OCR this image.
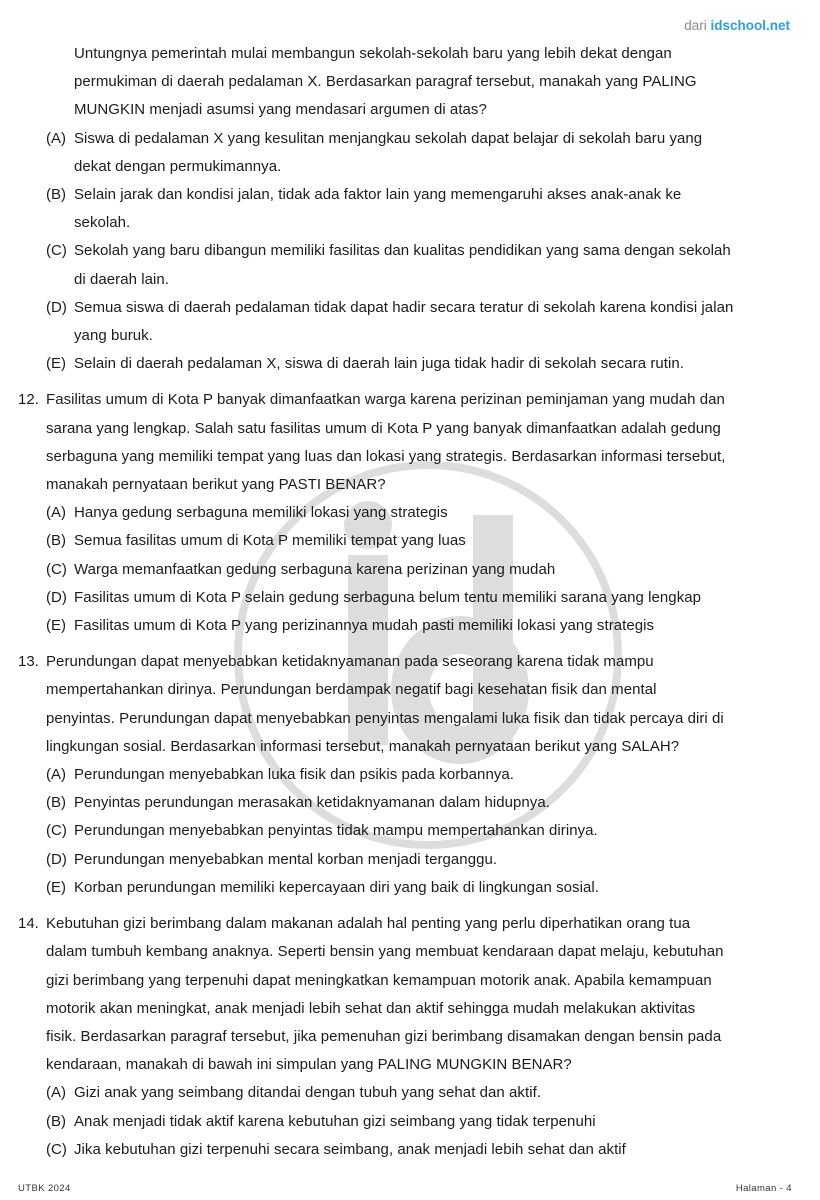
dari idschool.net
Untungnya pemerintah mulai membangun sekolah-sekolah baru yang lebih dekat dengan
permukiman di daerah pedalaman X. Berdasarkan paragraf tersebut, manakah yang PALING
MUNGKIN menjadi asumsi yang mendasari argumen di atas?
(A) Siswa di pedalaman X yang kesulitan menjangkau sekolah dapat belajar di sekolah baru yang
dekat dengan permukimannya.
(B) Selain jarak dan kondisi jalan, tidak ada faktor lain yang memengaruhi akses anak-anak ke
sekolah.
(C) Sekolah yang baru dibangun memiliki fasilitas dan kualitas pendidikan yang sama dengan sekolah
di daerah lain.
(D) Semua siswa di daerah pedalaman tidak dapat hadir secara teratur di sekolah karena kondisi jalan
yang buruk.
(E) Selain di daerah pedalaman X, siswa di daerah lain juga tidak hadir di sekolah secara rutin.
12. Fasilitas umum di Kota P banyak dimanfaatkan warga karena perizinan peminjaman yang mudah dan
sarana yang lengkap. Salah satu fasilitas umum di Kota P yang banyak dimanfaatkan adalah gedung
serbaguna yang memiliki tempat yang luas dan lokasi yang strategis. Berdasarkan informasi tersebut,
manakah pernyataan berikut yang PASTI BENAR?
(A) Hanya gedung serbaguna memiliki lokasi yang strategis
(B) Semua fasilitas umum di Kota P memiliki tempat yang luas
(C) Warga memanfaatkan gedung serbaguna karena perizinan yang mudah
(D) Fasilitas umum di Kota P selain gedung serbaguna belum tentu memiliki sarana yang lengkap
(E) Fasilitas umum di Kota P yang perizinannya mudah pasti memiliki lokasi yang strategis
13. Perundungan dapat menyebabkan ketidaknyamanan pada seseorang karena tidak mampu
mempertahankan dirinya. Perundungan berdampak negatif bagi kesehatan fisik dan mental
penyintas. Perundungan dapat menyebabkan penyintas mengalami luka fisik dan tidak percaya diri di
lingkungan sosial. Berdasarkan informasi tersebut, manakah pernyataan berikut yang SALAH?
(A) Perundungan menyebabkan luka fisik dan psikis pada korbannya.
(B) Penyintas perundungan merasakan ketidaknyamanan dalam hidupnya.
(C) Perundungan menyebabkan penyintas tidak mampu mempertahankan dirinya.
(D) Perundungan menyebabkan mental korban menjadi terganggu.
(E) Korban perundungan memiliki kepercayaan diri yang baik di lingkungan sosial.
14. Kebutuhan gizi berimbang dalam makanan adalah hal penting yang perlu diperhatikan orang tua
dalam tumbuh kembang anaknya. Seperti bensin yang membuat kendaraan dapat melaju, kebutuhan
gizi berimbang yang terpenuhi dapat meningkatkan kemampuan motorik anak. Apabila kemampuan
motorik akan meningkat, anak menjadi lebih sehat dan aktif sehingga mudah melakukan aktivitas
fisik. Berdasarkan paragraf tersebut, jika pemenuhan gizi berimbang disamakan dengan bensin pada
kendaraan, manakah di bawah ini simpulan yang PALING MUNGKIN BENAR?
(A) Gizi anak yang seimbang ditandai dengan tubuh yang sehat dan aktif.
(B) Anak menjadi tidak aktif karena kebutuhan gizi seimbang yang tidak terpenuhi
(C) Jika kebutuhan gizi terpenuhi secara seimbang, anak menjadi lebih sehat dan aktif
UTBK 2024	Halaman - 4
